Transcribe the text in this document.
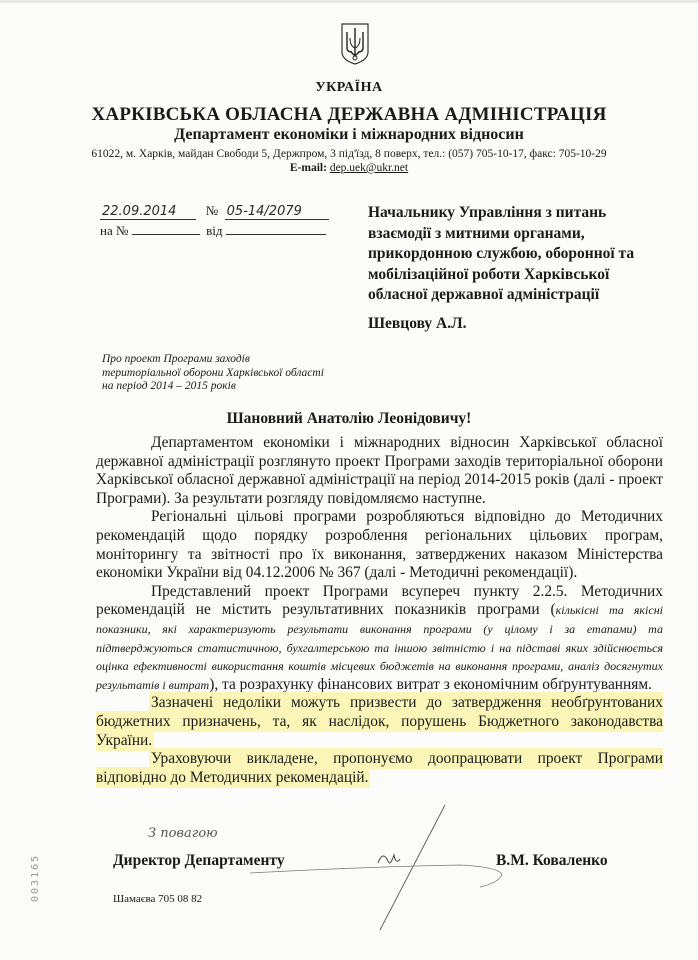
УКРАЇНА
ХАРКІВСЬКА ОБЛАСНА ДЕРЖАВНА АДМІНІСТРАЦІЯ
Департамент економіки і міжнародних відносин
61022, м. Харків, майдан Свободи 5, Держпром, 3 під'їзд, 8 поверх, тел.: (057) 705-10-17, факс: 705-10-29
E-mail: dep.uek@ukr.net
22.09.2014 № 05-14/2079
на №	від
Начальнику Управління з питань взаємодії з митними органами, прикордонною службою, оборонної та мобілізаційної роботи Харківської обласної державної адміністрації
Шевцову А.Л.
Про проект Програми заходів
територіальної оборони Харківської області
на період 2014 – 2015 років
Шановний Анатолію Леонідовичу!

Департаментом економіки і міжнародних відносин Харківської обласної державної адміністрації розглянуто проект Програми заходів територіальної оборони Харківської обласної державної адміністрації на період 2014-2015 років (далі - проект Програми). За результати розгляду повідомляємо наступне.

Регіональні цільові програми розробляються відповідно до Методичних рекомендацій щодо порядку розроблення регіональних цільових програм, моніторингу та звітності про їх виконання, затверджених наказом Міністерства економіки України від 04.12.2006 № 367 (далі - Методичні рекомендації).

Представлений проект Програми всупереч пункту 2.2.5. Методичних рекомендацій не містить результативних показників програми (кількісні та якісні показники, які характеризують результати виконання програми (у цілому і за етапами) та підтверджуються статистичною, бухгалтерською та іншою звітністю і на підставі яких здійснюється оцінка ефективності використання коштів місцевих бюджетів на виконання програми, аналіз досягнутих результатів і витрат), та розрахунку фінансових витрат з економічним обґрунтуванням.

Зазначені недоліки можуть призвести до затвердження необґрунтованих бюджетних призначень, та, як наслідок, порушень Бюджетного законодавства України.

Ураховуючи викладене, пропонуємо доопрацювати проект Програми відповідно до Методичних рекомендацій.

003165
З повагою
Директор Департаменту	В.М. Коваленко
Шамаєва 705 08 82
